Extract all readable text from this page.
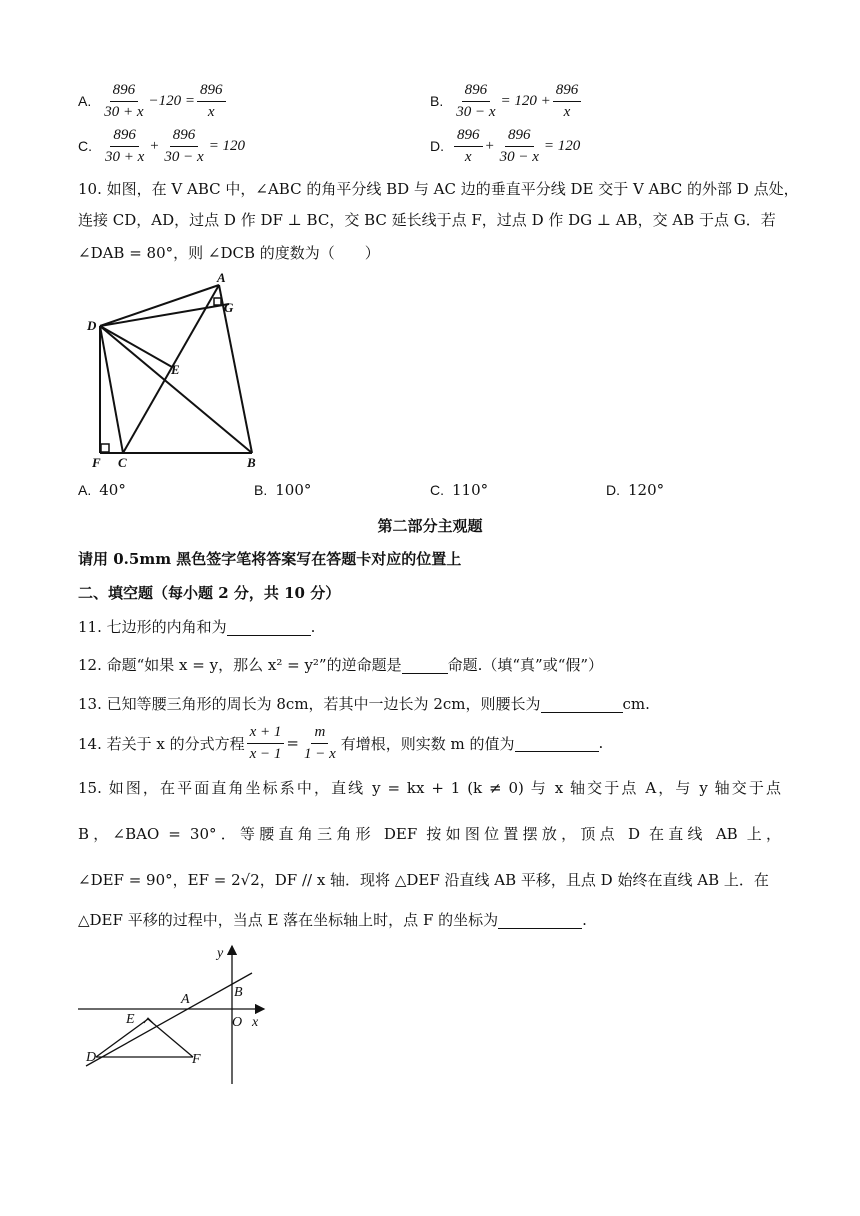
A. $\frac{896}{30 + x} -120 = \frac{896}{x}$	B. $\frac{896}{30 - x} = 120 + \frac{896}{x}$
C. $\frac{896}{30 + x} + \frac{896}{30 - x} = 120$	D. $\frac{896}{x} + \frac{896}{30 - x} = 120$
10. 如图，在 V ABC 中，∠ABC 的角平分线 BD 与 AC 边的垂直平分线 DE 交于 V ABC 的外部 D 点处，
连接 CD，AD，过点 D 作 DF ⊥ BC，交 BC 延长线于点 F，过点 D 作 DG ⊥ AB，交 AB 于点 G．若
∠DAB = 80°，则 ∠DCB 的度数为（　　）
A
G
D
E
F C	B
A. 40°	B. 100°	C. 110°	D. 120°
第二部分主观题
请用 0.5mm 黑色签字笔将答案写在答题卡对应的位置上
二、填空题（每小题 2 分，共 10 分）
11. 七边形的内角和为	.
12. 命题“如果 x = y，那么 x² = y²”的逆命题是	命题.（填“真”或“假”）
13. 已知等腰三角形的周长为 8cm，若其中一边长为 2cm，则腰长为	cm.
14. 若关于 x 的分式方程 $\frac{x + 1}{x - 1} = \frac{m}{1 - x}$ 有增根，则实数 m 的值为	.
15. 如图，在平面直角坐标系中，直线 y = kx + 1 (k ≠ 0) 与 x 轴交于点 A，与 y 轴交于点
B，∠BAO = 30°．等腰直角三角形 DEF 按如图位置摆放，顶点 D 在直线 AB 上，
∠DEF = 90°，EF = 2√2，DF // x 轴．现将 △DEF 沿直线 AB 平移，且点 D 始终在直线 AB 上．在
△DEF 平移的过程中，当点 E 落在坐标轴上时，点 F 的坐标为	.
y
x
O
A	B
D
E
F
